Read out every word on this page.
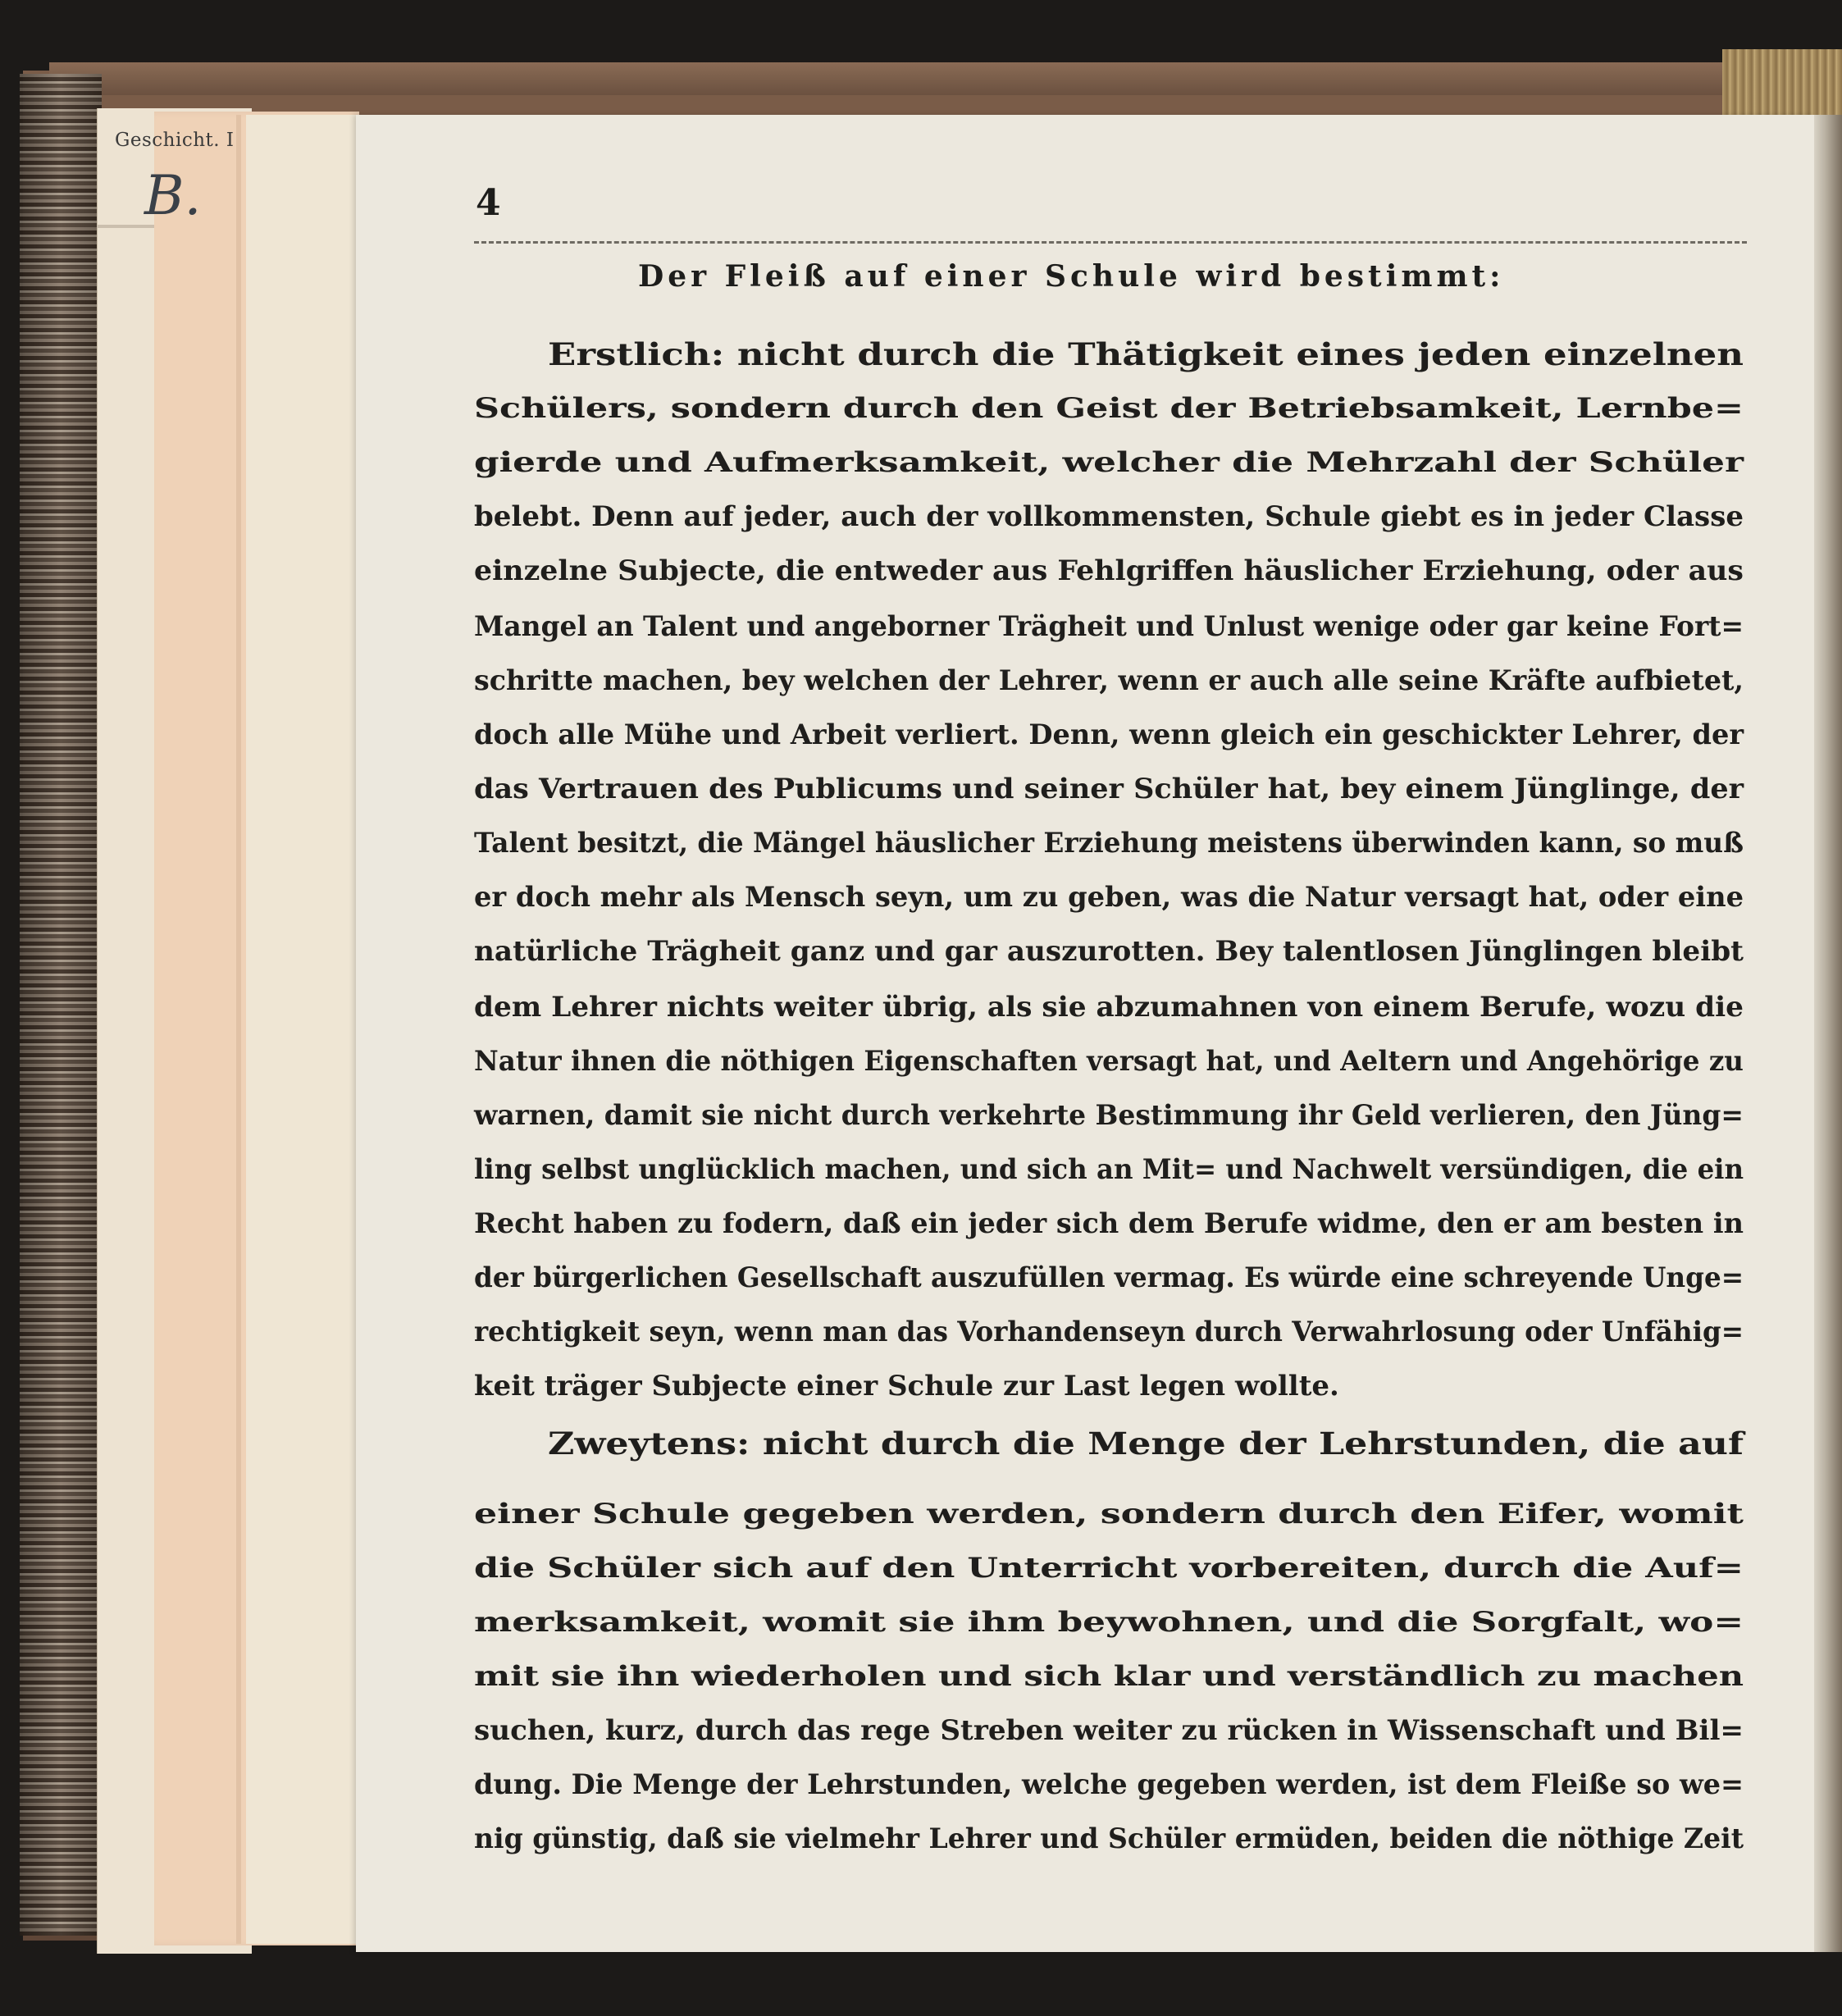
Geschicht. I
B.	4
Der Fleiß auf einer Schule wird bestimmt:
Erstlich: nicht durch die Thätigkeit eines jeden einzelnen
Schülers, sondern durch den Geist der Betriebsamkeit, Lernbe=
gierde und Aufmerksamkeit, welcher die Mehrzahl der Schüler
belebt. Denn auf jeder, auch der vollkommensten, Schule giebt es in jeder Classe
einzelne Subjecte, die entweder aus Fehlgriffen häuslicher Erziehung, oder aus
Mangel an Talent und angeborner Trägheit und Unlust wenige oder gar keine Fort=
schritte machen, bey welchen der Lehrer, wenn er auch alle seine Kräfte aufbietet,
doch alle Mühe und Arbeit verliert. Denn, wenn gleich ein geschickter Lehrer, der
das Vertrauen des Publicums und seiner Schüler hat, bey einem Jünglinge, der
Talent besitzt, die Mängel häuslicher Erziehung meistens überwinden kann, so muß
er doch mehr als Mensch seyn, um zu geben, was die Natur versagt hat, oder eine
natürliche Trägheit ganz und gar auszurotten. Bey talentlosen Jünglingen bleibt
dem Lehrer nichts weiter übrig, als sie abzumahnen von einem Berufe, wozu die
Natur ihnen die nöthigen Eigenschaften versagt hat, und Aeltern und Angehörige zu
warnen, damit sie nicht durch verkehrte Bestimmung ihr Geld verlieren, den Jüng=
ling selbst unglücklich machen, und sich an Mit= und Nachwelt versündigen, die ein
Recht haben zu fodern, daß ein jeder sich dem Berufe widme, den er am besten in
der bürgerlichen Gesellschaft auszufüllen vermag. Es würde eine schreyende Unge=
rechtigkeit seyn, wenn man das Vorhandenseyn durch Verwahrlosung oder Unfähig=
keit träger Subjecte einer Schule zur Last legen wollte.
Zweytens: nicht durch die Menge der Lehrstunden, die auf
einer Schule gegeben werden, sondern durch den Eifer, womit
die Schüler sich auf den Unterricht vorbereiten, durch die Auf=
merksamkeit, womit sie ihm beywohnen, und die Sorgfalt, wo=
mit sie ihn wiederholen und sich klar und verständlich zu machen
suchen, kurz, durch das rege Streben weiter zu rücken in Wissenschaft und Bil=
dung. Die Menge der Lehrstunden, welche gegeben werden, ist dem Fleiße so we=
nig günstig, daß sie vielmehr Lehrer und Schüler ermüden, beiden die nöthige Zeit
